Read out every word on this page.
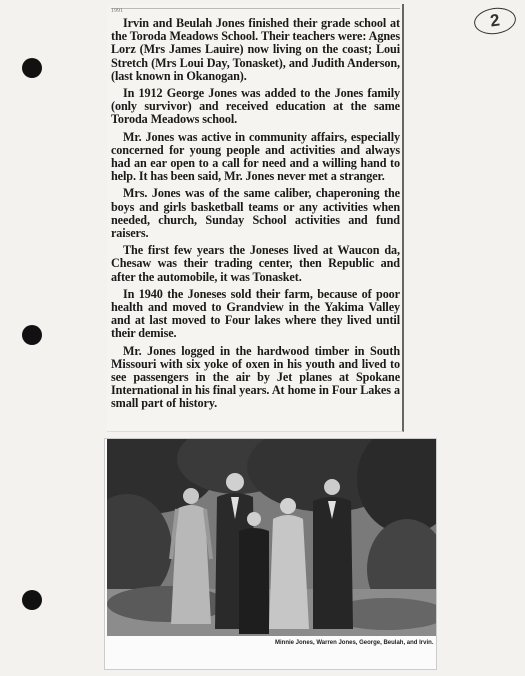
2
1991

Irvin and Beulah Jones finished their grade school at the Toroda Meadows School. Their teachers were: Agnes Lorz (Mrs James Lauire) now living on the coast; Loui Stretch (Mrs Loui Day, Tonasket), and Judith Anderson, (last known in Okanogan).

In 1912 George Jones was added to the Jones family (only survivor) and received education at the same Toroda Meadows school.

Mr. Jones was active in community affairs, especially concerned for young people and activities and always had an ear open to a call for need and a willing hand to help. It has been said, Mr. Jones never met a stranger.

Mrs. Jones was of the same caliber, chaperoning the boys and girls basketball teams or any activities when needed, church, Sunday School activities and fund raisers.

The first few years the Joneses lived at Waucon da, Chesaw was their trading center, then Republic and after the automobile, it was Tonasket.

In 1940 the Joneses sold their farm, because of poor health and moved to Grandview in the Yakima Valley and at last moved to Four lakes where they lived until their demise.

Mr. Jones logged in the hardwood timber in South Missouri with six yoke of oxen in his youth and lived to see passengers in the air by Jet planes at Spokane International in his final years. At home in Four Lakes a small part of history.

Minnie Jones, Warren Jones, George, Beulah, and Irvin.
